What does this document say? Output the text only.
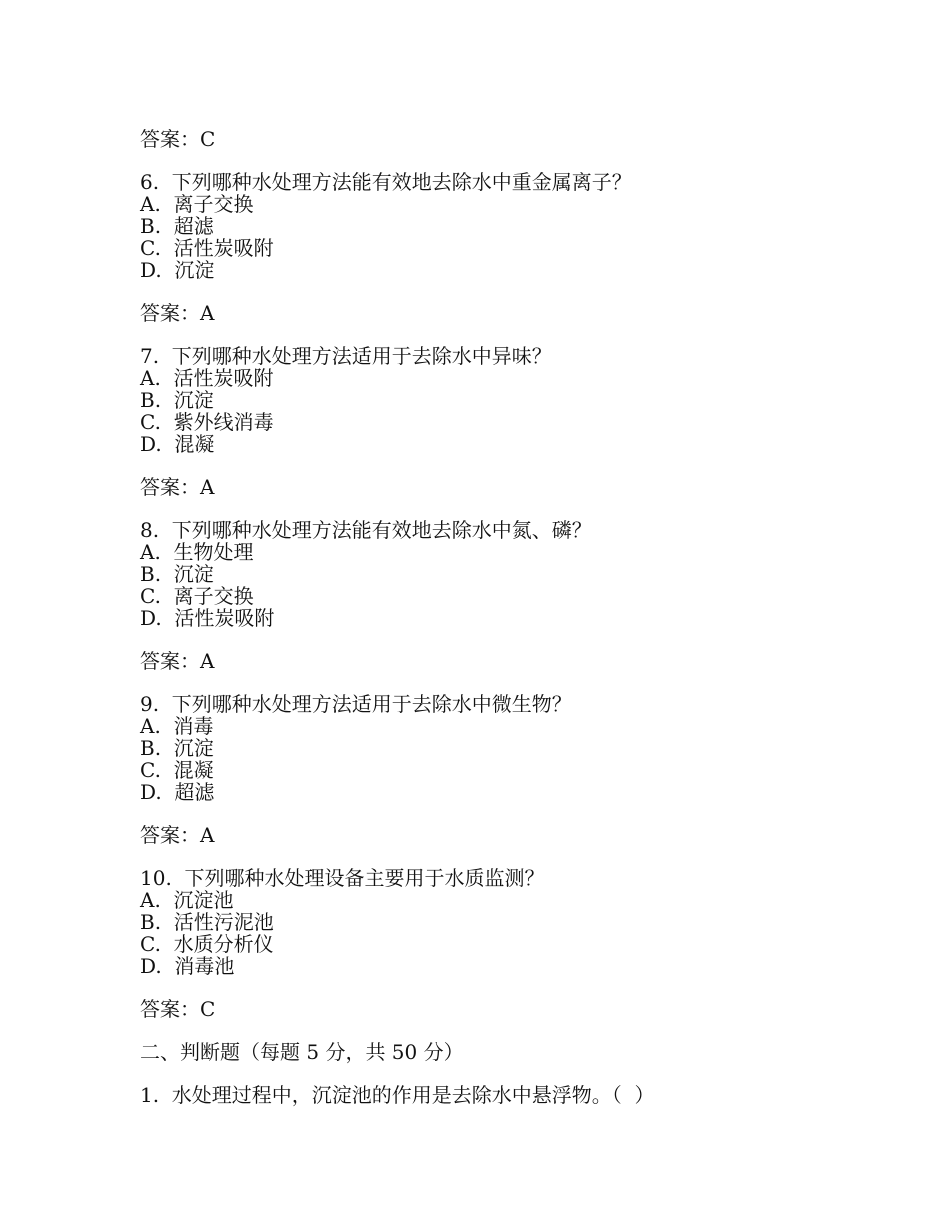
答案：C
6.  下列哪种水处理方法能有效地去除水中重金属离子？
A.  离子交换
B.  超滤
C.  活性炭吸附
D.  沉淀
答案：A
7.  下列哪种水处理方法适用于去除水中异味？
A.  活性炭吸附
B.  沉淀
C.  紫外线消毒
D.  混凝
答案：A
8.  下列哪种水处理方法能有效地去除水中氮、磷？
A.  生物处理
B.  沉淀
C.  离子交换
D.  活性炭吸附
答案：A
9.  下列哪种水处理方法适用于去除水中微生物？
A.  消毒
B.  沉淀
C.  混凝
D.  超滤
答案：A
10.  下列哪种水处理设备主要用于水质监测？
A.  沉淀池
B.  活性污泥池
C.  水质分析仪
D.  消毒池
答案：C
二、判断题（每题 5 分，共 50 分）
1.  水处理过程中，沉淀池的作用是去除水中悬浮物。（  ）
